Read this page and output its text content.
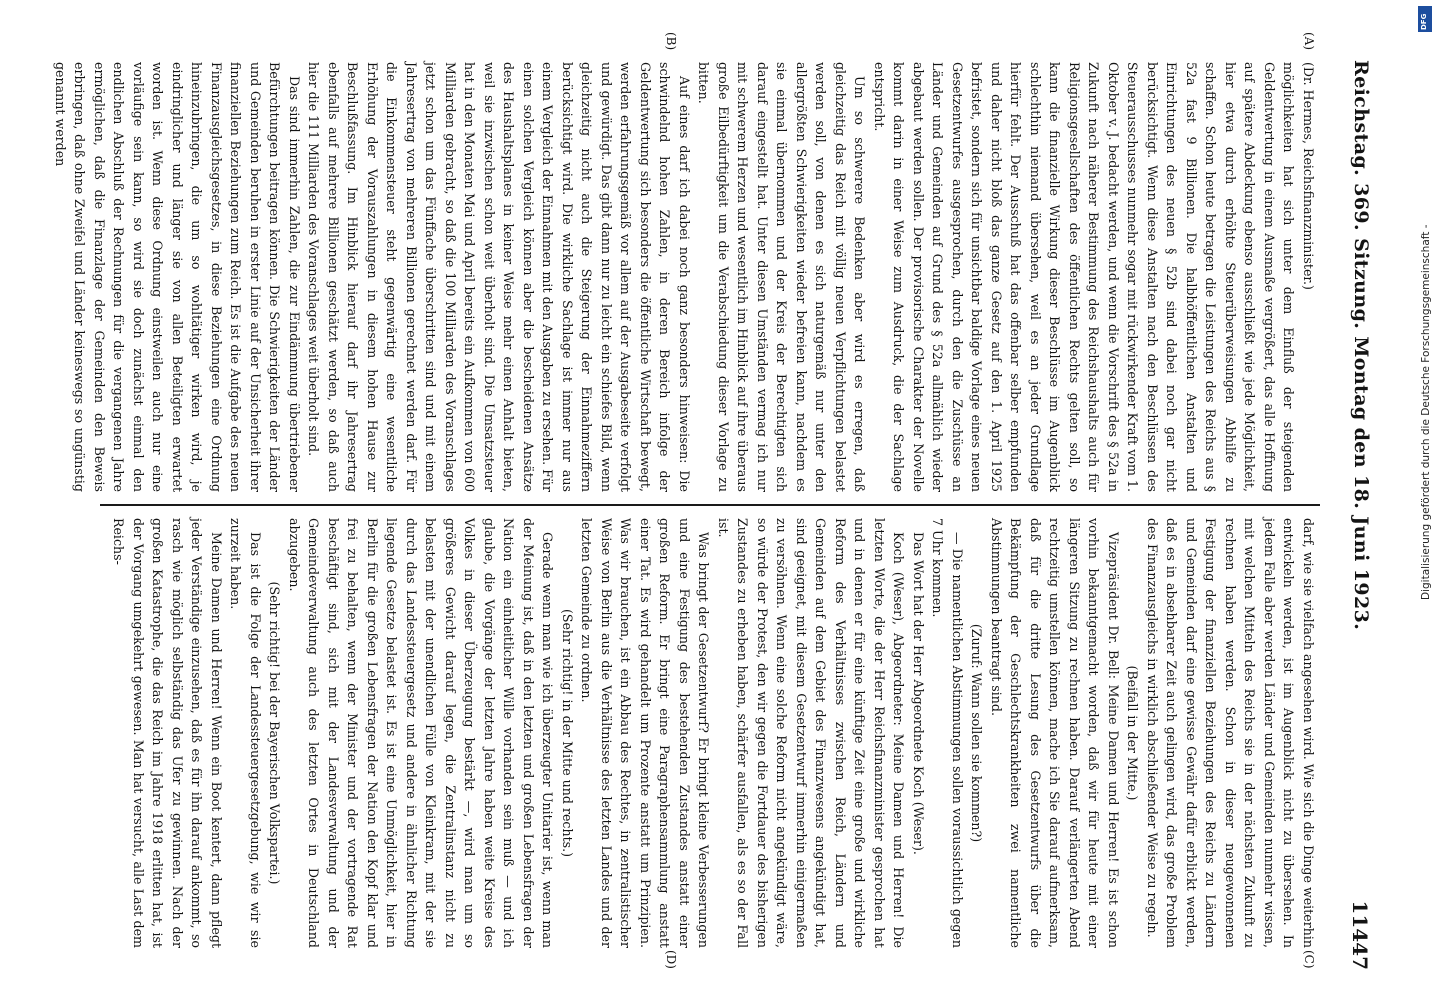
Reichstag. 369. Sitzung. Montag den 18. Juni 1923.
11447
(A)
(B)
(C)
(D)

(Dr. Hermes, Reichsfinanzminister.)

möglichkeiten hat sich unter dem Einfluß der steigenden Geldentwertung in einem Ausmaße vergrößert, das alle Hoffnung auf spätere Abdeckung ebenso ausschließt wie jede Möglichkeit, hier etwa durch erhöhte Steuerüberweisungen Abhilfe zu schaffen. Schon heute betragen die Leistungen des Reichs aus § 52a fast 9 Billionen. Die halbhöffentlichen Anstalten und Einrichtungen des neuen § 52b sind dabei noch gar nicht berücksichtigt. Wenn diese Anstalten nach den Beschlüssen des Steuerausschusses nunmehr sogar mit rückwirkender Kraft vom 1. Oktober v. J. bedacht werden, und wenn die Vorschrift des § 52a in Zukunft nach näherer Bestimmung des Reichshaushalts auch für Religionsgesellschaften des öffentlichen Rechts gelten soll, so kann die finanzielle Wirkung dieser Beschlüsse im Augenblick schlechthin niemand übersehen, weil es an jeder Grundlage hierfür fehlt. Der Ausschuß hat das offenbar selber empfunden und daher nicht bloß das ganze Gesetz auf den 1. April 1925 befristet, sondern sich für unsichtbar baldige Vorlage eines neuen Gesetzentwurfes ausgesprochen, durch den die Zuschüsse an Länder und Gemeinden auf Grund des § 52a allmählich wieder abgebaut werden sollen. Der provisorische Charakter der Novelle kommt darin in einer Weise zum Ausdruck, die der Sachlage entspricht.

Um so schwerere Bedenken aber wird es erregen, daß gleichzeitig das Reich mit völlig neuen Verpflichtungen belastet werden soll, von denen es sich naturgemäß nur unter den allergrößten Schwierigkeiten wieder befreien kann, nachdem es sie einmal übernommen und der Kreis der Berechtigten sich darauf eingestellt hat. Unter diesen Umständen vermag ich nur mit schwerem Herzen und wesentlich im Hinblick auf ihre überaus große Eilbedürftigkeit um die Verabschiedung dieser Vorlage zu bitten.

Auf eines darf ich dabei noch ganz besonders hinweisen: Die schwindelnd hohen Zahlen, in deren Bereich infolge der Geldentwertung sich besonders die öffentliche Wirtschaft bewegt, werden erfahrungsgemäß vor allem auf der Ausgabeseite verfolgt und gewürdigt. Das gibt dann nur zu leicht ein schiefes Bild, wenn gleichzeitig nicht auch die Steigerung der Einnahmeziffern berücksichtigt wird. Die wirkliche Sachlage ist immer nur aus einem Vergleich der Einnahmen mit den Ausgaben zu ersehen. Für einen solchen Vergleich können aber die bescheidenen Ansätze des Haushaltsplanes in keiner Weise mehr einen Anhalt bieten, weil sie inzwischen schon weit überholt sind. Die Umsatzsteuer hat in den Monaten Mai und April bereits ein Aufkommen von 600 Milliarden gebracht, so daß die 100 Milliarden des Voranschlages jetzt schon um das Fünffache überschritten sind und mit einem Jahresertrag von mehreren Billionen gerechnet werden darf. Für die Einkommensteuer steht gegenwärtig eine wesentliche Erhöhung der Vorauszahlungen in diesem hohen Hause zur Beschlußfassung. Im Hinblick hierauf darf ihr Jahresertrag ebenfalls auf mehrere Billionen geschätzt werden, so daß auch hier die 111 Milliarden des Voranschlages weit überholt sind.

Das sind immerhin Zahlen, die zur Eindämmung übertriebener Befürchtungen beitragen können. Die Schwierigkeiten der Länder und Gemeinden beruhen in erster Linie auf der Unsicherheit ihrer finanziellen Beziehungen zum Reich. Es ist die Aufgabe des neuen Finanzausgleichsgesetzes, in diese Beziehungen eine Ordnung hineinzubringen, die um so wohltätiger wirken wird, je eindringlicher und länger sie von allen Beteiligten erwartet worden ist. Wenn diese Ordnung einstweilen auch nur eine vorläufige sein kann, so wird sie doch zunächst einmal den endlichen Abschluß der Rechnungen für die vergangenen Jahre ermöglichen, daß die Finanzlage der Gemeinden den Beweis erbringen, daß ohne Zweifel und Länder keineswegs so ungünstig genannt werden

darf, wie sie vielfach angesehen wird. Wie sich die Dinge weiterhin entwickeln werden, ist im Augenblick nicht zu übersehen. In jedem Falle aber werden Länder und Gemeinden nunmehr wissen, mit welchen Mitteln des Reichs sie in der nächsten Zukunft zu rechnen haben werden. Schon in dieser neugewonnenen Festigung der finanziellen Beziehungen des Reichs zu Ländern und Gemeinden darf eine gewisse Gewähr dafür erblickt werden, daß es in absehbarer Zeit auch gelingen wird, das große Problem des Finanzausgleichs in wirklich abschließender Weise zu regeln.

(Beifall in der Mitte.)

Vizepräsident Dr. Bell: Meine Damen und Herren! Es ist schon vorhin bekanntgemacht worden, daß wir für heute mit einer längeren Sitzung zu rechnen haben. Darauf verlängerten Abend rechtzeitig umstellen können, mache ich Sie darauf aufmerksam, daß für die dritte Lesung des Gesetzentwurfs über die Bekämpfung der Geschlechtskrankheiten zwei namentliche Abstimmungen beantragt sind.

(Zuruf: Wann sollen sie kommen?)

— Die namentlichen Abstimmungen sollen voraussichtlich gegen 7 Uhr kommen.

Das Wort hat der Herr Abgeordnete Koch (Weser).

Koch (Weser), Abgeordneter: Meine Damen und Herren! Die letzten Worte, die der Herr Reichsfinanzminister gesprochen hat und in denen er für eine künftige Zeit eine große und wirkliche Reform des Verhältnisses zwischen Reich, Ländern und Gemeinden auf dem Gebiet des Finanzwesens angekündigt hat, sind geeignet, mit diesem Gesetzentwurf immerhin einigermaßen zu versöhnen. Wenn eine solche Reform nicht angekündigt wäre, so würde der Protest, den wir gegen die Fortdauer des bisherigen Zustandes zu erheben haben, schärfer ausfallen, als es so der Fall ist.

Was bringt der Gesetzentwurf? Er bringt kleine Verbesserungen und eine Festigung des bestehenden Zustandes anstatt einer großen Reform. Er bringt eine Paragraphensammlung anstatt einer Tat. Es wird gehandelt um Prozente anstatt um Prinzipien. Was wir brauchen, ist ein Abbau des Rechtes, in zentralistischer Weise von Berlin aus die Verhältnisse des letzten Landes und der letzten Gemeinde zu ordnen.

(Sehr richtig! in der Mitte und rechts.)

Gerade wenn man wie ich überzeugter Unitarier ist, wenn man der Meinung ist, daß in den letzten und großen Lebensfragen der Nation ein einheitlicher Wille vorhanden sein muß — und ich glaube, die Vorgänge der letzten Jahre haben weite Kreise des Volkes in dieser Überzeugung bestärkt —, wird man um so größeres Gewicht darauf legen, die Zentralinstanz nicht zu belasten mit der unendlichen Fülle von Kleinkram, mit der sie durch das Landessteuergesetz und andere in ähnlicher Richtung liegende Gesetze belastet ist. Es ist eine Unmöglichkeit, hier in Berlin für die großen Lebensfragen der Nation den Kopf klar und frei zu behalten, wenn der Minister und der vortragende Rat beschäftigt sind, sich mit der Landesverwaltung und der Gemeindeverwaltung auch des letzten Ortes in Deutschland abzugeben.

(Sehr richtig! bei der Bayerischen Volkspartei.)

Das ist die Folge der Landessteuergesetzgebung, wie wir sie zurzeit haben.

Meine Damen und Herren! Wenn ein Boot kentert, dann pflegt jeder Verständige einzusehen, daß es für ihn darauf ankommt, so rasch wie möglich selbständig das Ufer zu gewinnen. Nach der großen Katastrophe, die das Reich im Jahre 1918 erlitten hat, ist der Vorgang umgekehrt gewesen. Man hat versucht, alle Last dem Reichs-

DFG
Digitalisierung gefördert durch die Deutsche Forschungsgemeinschaft -
